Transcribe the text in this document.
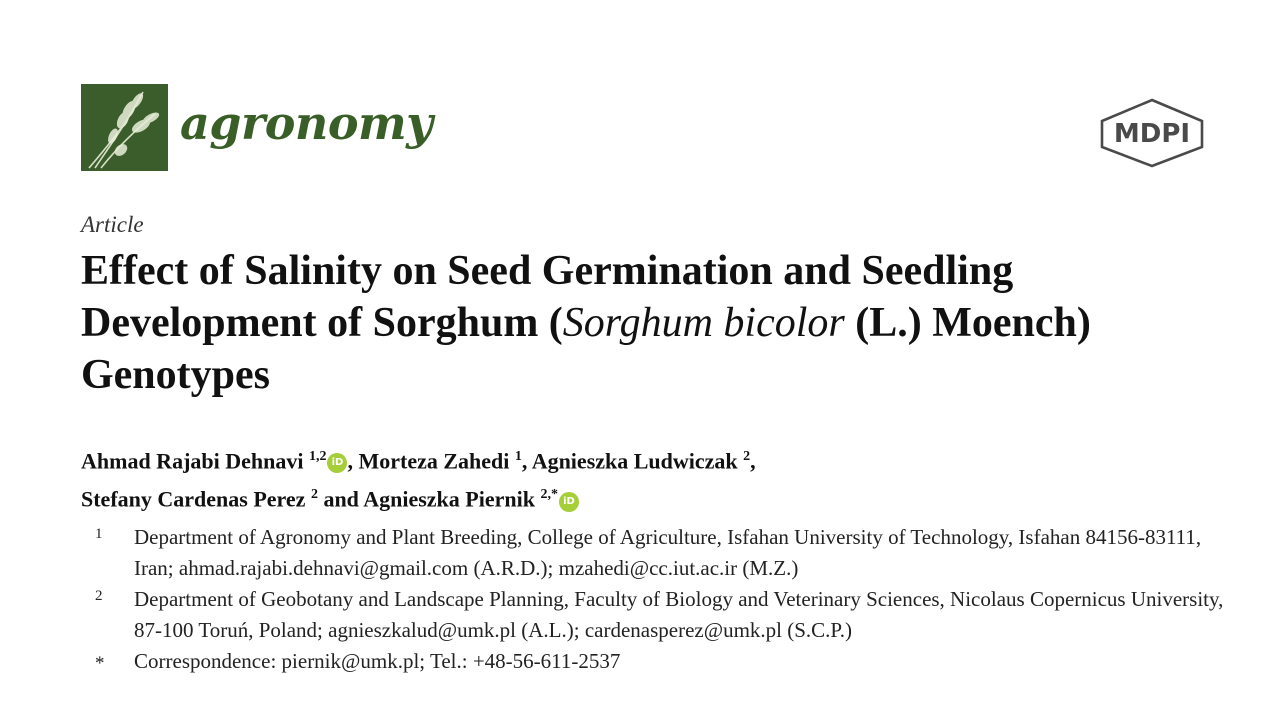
agronomy	MDPI
Article
Effect of Salinity on Seed Germination and Seedling Development of Sorghum (Sorghum bicolor (L.) Moench) Genotypes
Ahmad Rajabi Dehnavi $^{1,2}$ iD , Morteza Zahedi $^1$, Agnieszka Ludwiczak $^2$,
Stefany Cardenas Perez $^2$ and Agnieszka Piernik $^{2,*}$ iD
1	Department of Agronomy and Plant Breeding, College of Agriculture, Isfahan University of Technology, Isfahan 84156-83111, Iran; ahmad.rajabi.dehnavi@gmail.com (A.R.D.); mzahedi@cc.iut.ac.ir (M.Z.)
2	Department of Geobotany and Landscape Planning, Faculty of Biology and Veterinary Sciences, Nicolaus Copernicus University, 87-100 Toruń, Poland; agnieszkalud@umk.pl (A.L.); cardenasperez@umk.pl (S.C.P.)
*	Correspondence: piernik@umk.pl; Tel.: +48-56-611-2537
